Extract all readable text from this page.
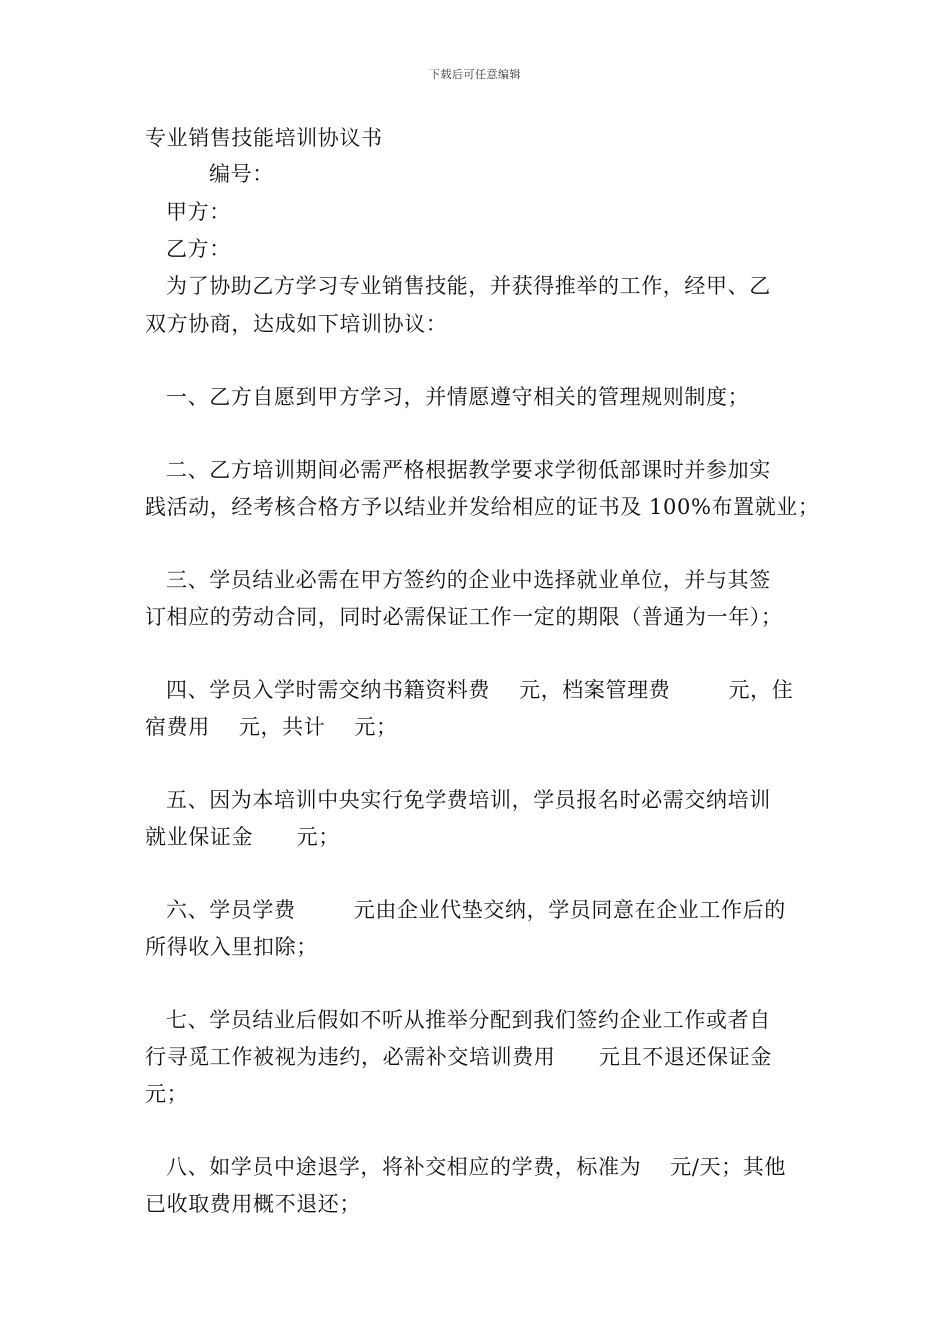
下载后可任意编辑
专业销售技能培训协议书
编号：
甲方：
乙方：
为了协助乙方学习专业销售技能，并获得推举的工作，经甲、乙
双方协商，达成如下培训协议：
一、乙方自愿到甲方学习，并情愿遵守相关的管理规则制度；
二、乙方培训期间必需严格根据教学要求学彻低部课时并参加实
践活动，经考核合格方予以结业并发给相应的证书及 100%布置就业；
三、学员结业必需在甲方签约的企业中选择就业单位，并与其签
订相应的劳动合同，同时必需保证工作一定的期限（普通为一年）；
四、学员入学时需交纳书籍资料费    元，档案管理费        元，住
宿费用    元，共计    元；
五、因为本培训中央实行免学费培训，学员报名时必需交纳培训
就业保证金      元；
六、学员学费        元由企业代垫交纳，学员同意在企业工作后的
所得收入里扣除；
七、学员结业后假如不听从推举分配到我们签约企业工作或者自
行寻觅工作被视为违约，必需补交培训费用      元且不退还保证金
元；
八、如学员中途退学，将补交相应的学费，标准为    元/天；其他
已收取费用概不退还；
